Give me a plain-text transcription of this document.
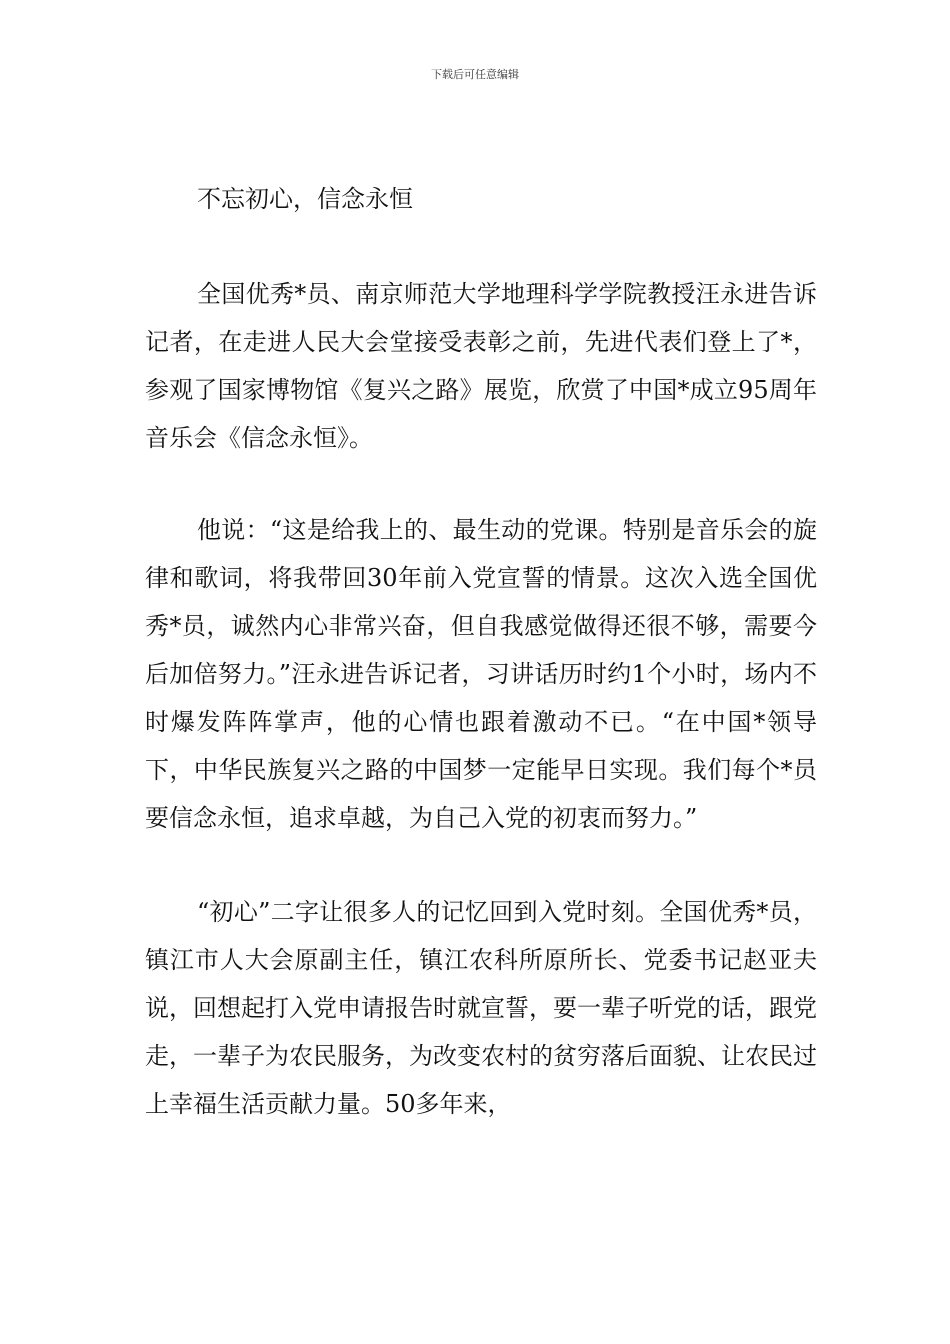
下载后可任意编辑

不忘初心，信念永恒

全国优秀*员、南京师范大学地理科学学院教授汪永进告诉记者，在走进人民大会堂接受表彰之前，先进代表们登上了*，参观了国家博物馆《复兴之路》展览，欣赏了中国*成立95周年音乐会《信念永恒》。

他说：“这是给我上的、最生动的党课。特别是音乐会的旋律和歌词，将我带回30年前入党宣誓的情景。这次入选全国优秀*员，诚然内心非常兴奋，但自我感觉做得还很不够，需要今后加倍努力。”汪永进告诉记者，习讲话历时约1个小时，场内不时爆发阵阵掌声，他的心情也跟着激动不已。“在中国*领导下，中华民族复兴之路的中国梦一定能早日实现。我们每个*员要信念永恒，追求卓越，为自己入党的初衷而努力。”

“初心”二字让很多人的记忆回到入党时刻。全国优秀*员，镇江市人大会原副主任，镇江农科所原所长、党委书记赵亚夫说，回想起打入党申请报告时就宣誓，要一辈子听党的话，跟党走，一辈子为农民服务，为改变农村的贫穷落后面貌、让农民过上幸福生活贡献力量。50多年来，
